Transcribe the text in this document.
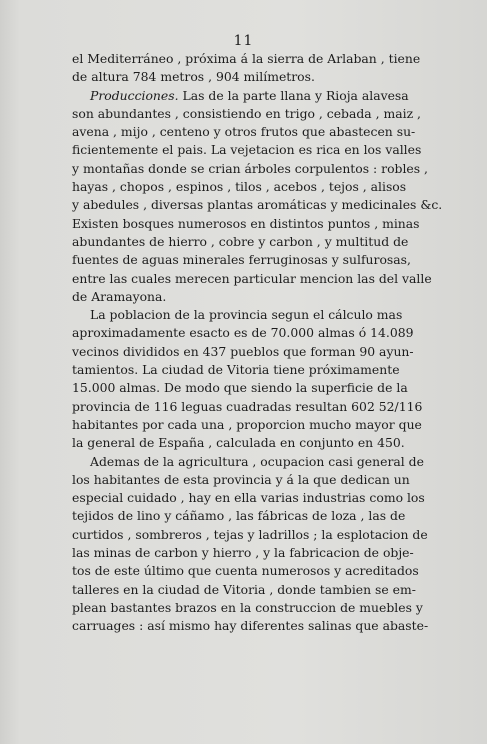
11

el Mediterráneo , próxima á la sierra de Arlaban , tiene
de altura 784 metros , 904 milímetros.

Producciones. Las de la parte llana y Rioja alavesa
son abundantes , consistiendo en trigo , cebada , maiz ,
avena , mijo , centeno y otros frutos que abastecen su-
ficientemente el pais. La vejetacion es rica en los valles
y montañas donde se crian árboles corpulentos : robles ,
hayas , chopos , espinos , tilos , acebos , tejos , alisos
y abedules , diversas plantas aromáticas y medicinales &c.
Existen bosques numerosos en distintos puntos , minas
abundantes de hierro , cobre y carbon , y multitud de
fuentes de aguas minerales ferruginosas y sulfurosas,
entre las cuales merecen particular mencion las del valle
de Aramayona.

La poblacion de la provincia segun el cálculo mas
aproximadamente esacto es de 70.000 almas ó 14.089
vecinos divididos en 437 pueblos que forman 90 ayun-
tamientos. La ciudad de Vitoria tiene próximamente
15.000 almas. De modo que siendo la superficie de la
provincia de 116 leguas cuadradas resultan 602 52/116
habitantes por cada una , proporcion mucho mayor que
la general de España , calculada en conjunto en 450.

Ademas de la agricultura , ocupacion casi general de
los habitantes de esta provincia y á la que dedican un
especial cuidado , hay en ella varias industrias como los
tejidos de lino y cáñamo , las fábricas de loza , las de
curtidos , sombreros , tejas y ladrillos ; la esplotacion de
las minas de carbon y hierro , y la fabricacion de obje-
tos de este último que cuenta numerosos y acreditados
talleres en la ciudad de Vitoria , donde tambien se em-
plean bastantes brazos en la construccion de muebles y
carruages : así mismo hay diferentes salinas que abaste-
